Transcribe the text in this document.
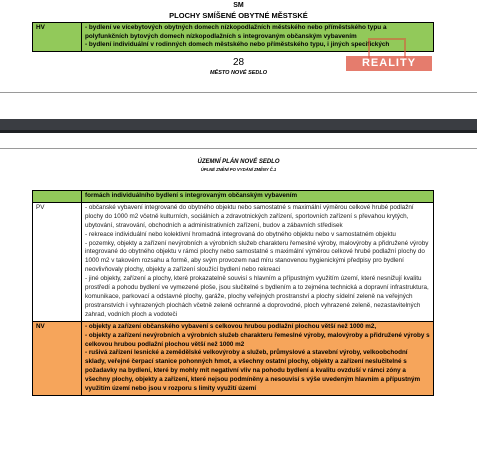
SM
PLOCHY SMÍŠENÉ OBYTNÉ MĚSTSKÉ
HV	- bydlení ve vícebytových obytných domech nízkopodlažních městského nebo příměstského typu a polyfunkčních bytových domech nízkopodlažních s integrovaným občanským vybavením
- bydlení individuální v rodinných domech městského nebo příměstského typu, i jiných specifických
28
MĚSTO NOVÉ SEDLO
REALITY
ÚZEMNÍ PLÁN NOVÉ SEDLO
ÚPLNÉ ZNĚNÍ PO VYDÁNÍ ZMĚNY Č.1
	formách individuálního bydlení s integrovaným občanským vybavením
PV	- občanské vybavení integrované do obytného objektu nebo samostatné s maximální výměrou celkové hrubé podlažní plochy do 1000 m2 včetně kulturních, sociálních a zdravotnických zařízení, sportovních zařízení s převahou krytých, ubytování, stravování, obchodních a administrativních zařízení, budov a zábavních středisek
- rekreace individuální nebo kolektivní hromadná integrovaná do obytného objektu nebo v samostatném objektu
- pozemky, objekty a zařízení nevýrobních a výrobních služeb charakteru řemeslné výroby, malovýroby a přidružené výroby integrované do obytného objektu v rámci plochy nebo samostatné s maximální výměrou celkové hrubé podlažní plochy do 1000 m2 v takovém rozsahu a formě, aby svým provozem nad míru stanovenou hygienickými předpisy pro bydlení neovlivňovaly plochy, objekty a zařízení sloužící bydlení nebo rekreaci
- jiné objekty, zařízení a plochy, které prokazatelně souvisí s hlavním a přípustným využitím území, které nesnižují kvalitu prostředí a pohodu bydlení ve vymezené ploše, jsou slučitelné s bydlením a to zejména technická a dopravní infrastruktura, komunikace, parkovací a odstavné plochy, garáže, plochy veřejných prostranství a plochy sídelní zeleně na veřejných prostranstvích i vyhrazených plochách včetně zeleně ochranné a doprovodné, ploch vyhrazené zeleně, nezastavitelných zahrad, vodních ploch a vodoteči

NV	- objekty a zařízení občanského vybavení s celkovou hrubou podlažní plochou větší než 1000 m2,
- objekty a zařízení nevýrobních a výrobních služeb charakteru řemeslné výroby, malovýroby a přidružené výroby s celkovou hrubou podlažní plochou větší než 1000 m2
- rušivá zařízení lesnické a zemědělské velkovýroby a služeb, průmyslové a stavební výroby, velkoobchodní sklady, veřejné čerpací stanice pohonných hmot, a všechny ostatní plochy, objekty a zařízení neslučitelné s požadavky na bydlení, které by mohly mít negativní vliv na pohodu bydlení a kvalitu ovzduší v rámci zóny a všechny plochy, objekty a zařízení, které nejsou podmíněny a nesouvisí s výše uvedeným hlavním a přípustným využitím území nebo jsou v rozporu s limity využití území
